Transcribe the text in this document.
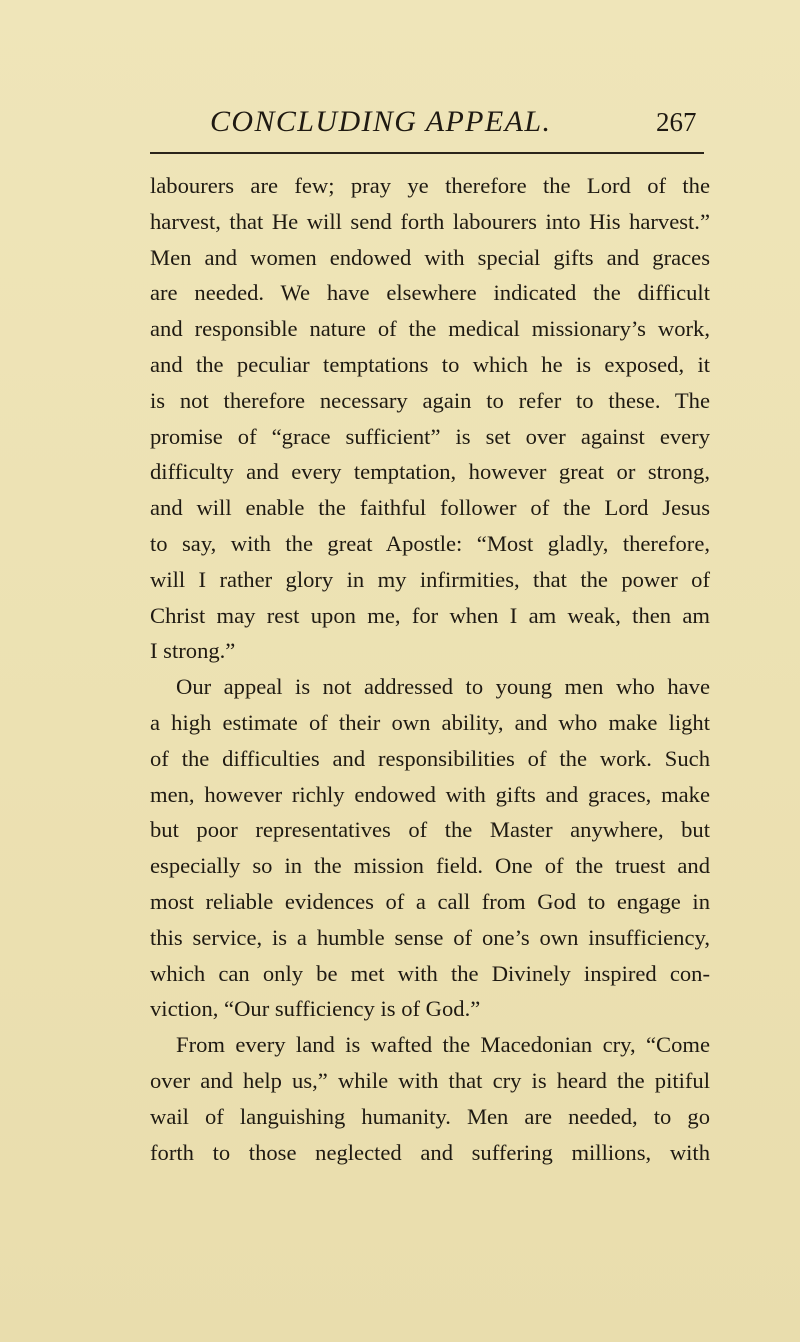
CONCLUDING APPEAL.	267
labourers are few; pray ye therefore the Lord of the
harvest, that He will send forth labourers into His harvest.”
Men and women endowed with special gifts and graces
are needed. We have elsewhere indicated the difficult
and responsible nature of the medical missionary’s work,
and the peculiar temptations to which he is exposed, it
is not therefore necessary again to refer to these. The
promise of “grace sufficient” is set over against every
difficulty and every temptation, however great or strong,
and will enable the faithful follower of the Lord Jesus
to say, with the great Apostle: “Most gladly, therefore,
will I rather glory in my infirmities, that the power of
Christ may rest upon me, for when I am weak, then am
I strong.”
Our appeal is not addressed to young men who have
a high estimate of their own ability, and who make light
of the difficulties and responsibilities of the work. Such
men, however richly endowed with gifts and graces, make
but poor representatives of the Master anywhere, but
especially so in the mission field. One of the truest and
most reliable evidences of a call from God to engage in
this service, is a humble sense of one’s own insufficiency,
which can only be met with the Divinely inspired con-
viction, “Our sufficiency is of God.”
From every land is wafted the Macedonian cry, “Come
over and help us,” while with that cry is heard the pitiful
wail of languishing humanity. Men are needed, to go
forth to those neglected and suffering millions, with
